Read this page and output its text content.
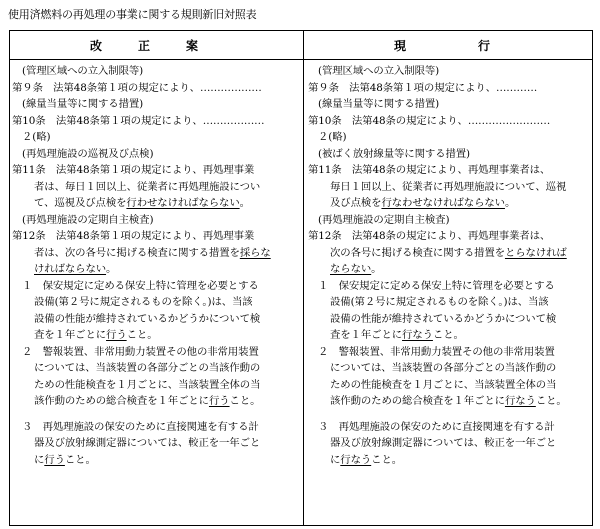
使用済燃料の再処理の事業に関する規則新旧対照表
改　　　正　　　案	現　　　　　　行
(管理区域への立入制限等)
第９条　法第48条第１項の規定により、………………
(線量当量等に関する措置)
第10条　法第48条第１項の規定により、………………
２(略)
(再処理施設の巡視及び点検)
第11条　法第48条第１項の規定により、再処理事業
者は、毎日１回以上、従業者に再処理施設につい
て、巡視及び点検を行わせなければならない。
(再処理施設の定期自主検査)
第12条　法第48条第１項の規定により、再処理事業
者は、次の各号に掲げる検査に関する措置を採らな
ければならない。
１　保安規定に定める保安上特に管理を必要とする
設備(第２号に規定されるものを除く。)は、当該
設備の性能が維持されているかどうかについて検
査を１年ごとに行うこと。
２　警報装置、非常用動力装置その他の非常用装置
については、当該装置の各部分ごとの当該作動の
ための性能検査を１月ごとに、当該装置全体の当
該作動のための総合検査を１年ごとに行うこと。
３　再処理施設の保安のために直接関連を有する計
器及び放射線測定器については、較正を一年ごと
に行うこと。
(管理区域への立入制限等)
第９条　法第48条第１項の規定により、…………
(線量当量等に関する措置)
第10条　法第48条の規定により、……………………
２(略)
(被ばく放射線量等に関する措置)
第11条　法第48条の規定により、再処理事業者は、
毎日１回以上、従業者に再処理施設について、巡視
及び点検を行なわせなければならない。
(再処理施設の定期自主検査)
第12条　法第48条の規定により、再処理事業者は、
次の各号に掲げる検査に関する措置をとらなければ
ならない。
１　保安規定に定める保安上特に管理を必要とする
設備(第２号に規定されるものを除く。)は、当該
設備の性能が維持されているかどうかについて検
査を１年ごとに行なうこと。
２　警報装置、非常用動力装置その他の非常用装置
については、当該装置の各部分ごとの当該作動の
ための性能検査を１月ごとに、当該装置全体の当
該作動のための総合検査を１年ごとに行なうこと。
３　再処理施設の保安のために直接関連を有する計
器及び放射線測定器については、較正を一年ごと
に行なうこと。
